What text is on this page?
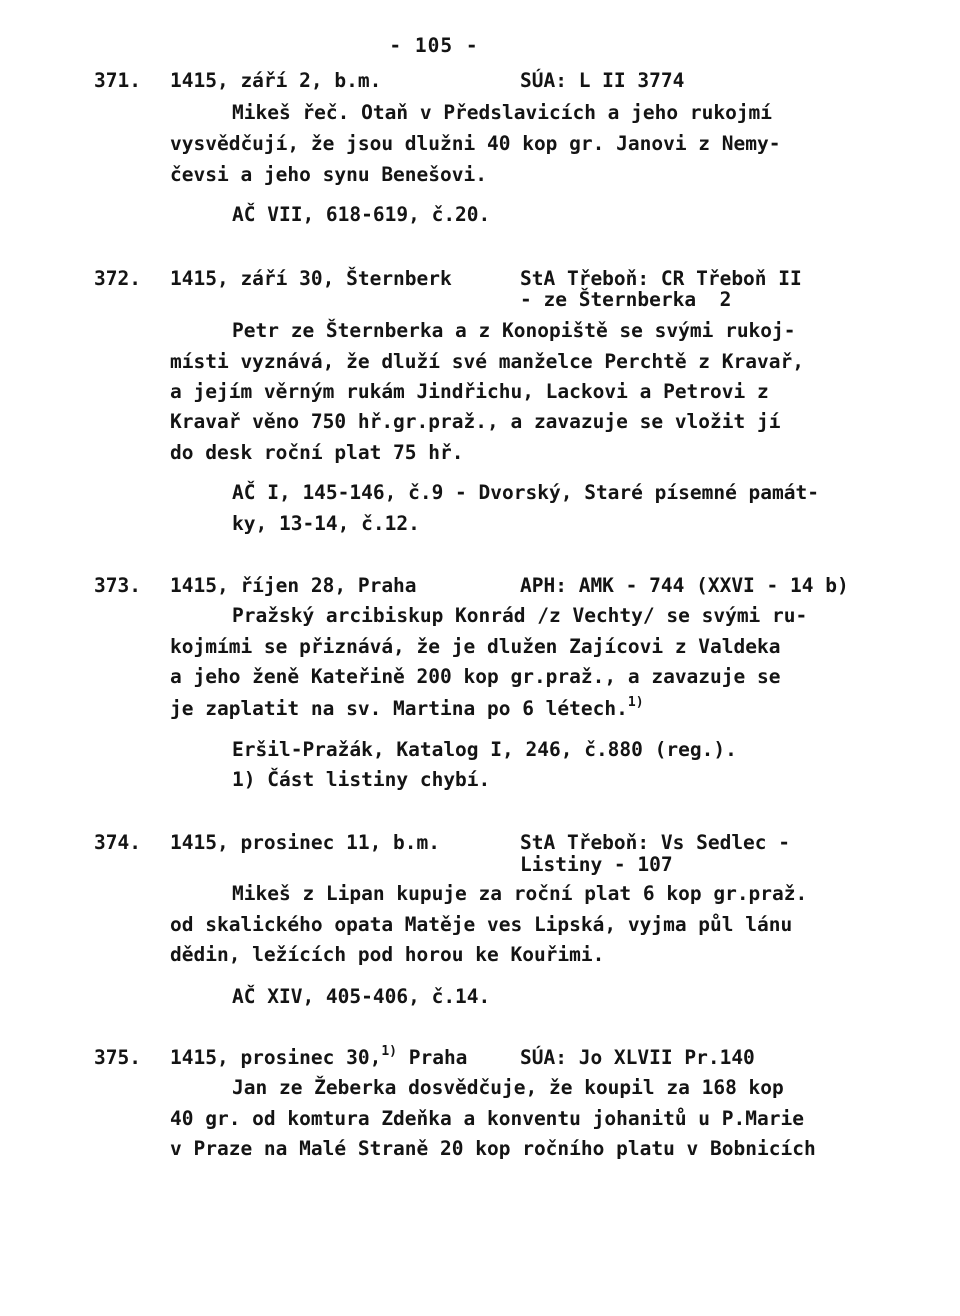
- 105 -
371. 1415, září 2, b.m.	SÚA: L II 3774
Mikeš řeč. Otaň v Předslavicích a jeho rukojmí
vysvědčují, že jsou dlužni 40 kop gr. Janovi z Nemy-
čevsi a jeho synu Benešovi.
AČ VII, 618-619, č.20.
372. 1415, září 30, Šternberk	StA Třeboň: CR Třeboň II
- ze Šternberka  2
Petr ze Šternberka a z Konopiště se svými rukoj-
místi vyznává, že dluží své manželce Perchtě z Kravař,
a jejím věrným rukám Jindřichu, Lackovi a Petrovi z
Kravař věno 750 hř.gr.praž., a zavazuje se vložit jí
do desk roční plat 75 hř.
AČ I, 145-146, č.9 - Dvorský, Staré písemné památ-
ky, 13-14, č.12.
373. 1415, říjen 28, Praha	APH: AMK - 744 (XXVI - 14 b)
Pražský arcibiskup Konrád /z Vechty/ se svými ru-
kojmími se přiznává, že je dlužen Zajícovi z Valdeka
a jeho ženě Kateřině 200 kop gr.praž., a zavazuje se
je zaplatit na sv. Martina po 6 létech.$^{1)}$
Eršil-Pražák, Katalog I, 246, č.880 (reg.).
1) Část listiny chybí.
374. 1415, prosinec 11, b.m.	StA Třeboň: Vs Sedlec -
Listiny - 107
Mikeš z Lipan kupuje za roční plat 6 kop gr.praž.
od skalického opata Matěje ves Lipská, vyjma půl lánu
dědin, ležících pod horou ke Kouřimi.
AČ XIV, 405-406, č.14.
375. 1415, prosinec 30,$^{1)}$ Praha	SÚA: Jo XLVII Pr.140
Jan ze Žeberka dosvědčuje, že koupil za 168 kop
40 gr. od komtura Zdeňka a konventu johanitů u P.Marie
v Praze na Malé Straně 20 kop ročního platu v Bobnicích
